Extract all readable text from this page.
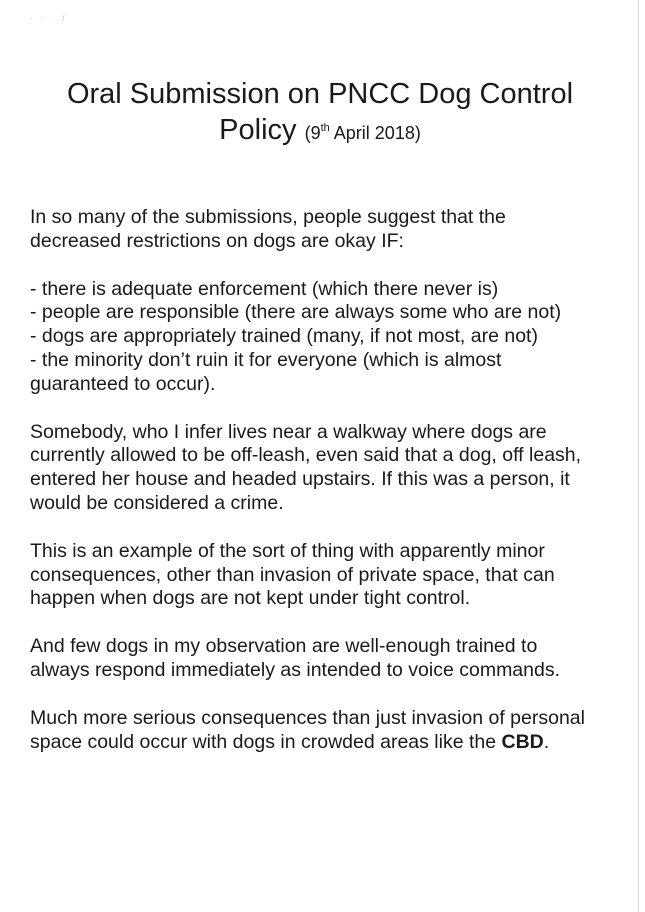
· · . /
Oral Submission on PNCC Dog Control
Policy (9th April 2018)

In so many of the submissions, people suggest that the decreased restrictions on dogs are okay IF:

- there is adequate enforcement (which there never is)
- people are responsible (there are always some who are not)
- dogs are appropriately trained (many, if not most, are not)
- the minority don’t ruin it for everyone (which is almost guaranteed to occur).

Somebody, who I infer lives near a walkway where dogs are currently allowed to be off-leash, even said that a dog, off leash, entered her house and headed upstairs. If this was a person, it would be considered a crime.

This is an example of the sort of thing with apparently minor consequences, other than invasion of private space, that can happen when dogs are not kept under tight control.

And few dogs in my observation are well-enough trained to always respond immediately as intended to voice commands.

Much more serious consequences than just invasion of personal space could occur with dogs in crowded areas like the CBD.
